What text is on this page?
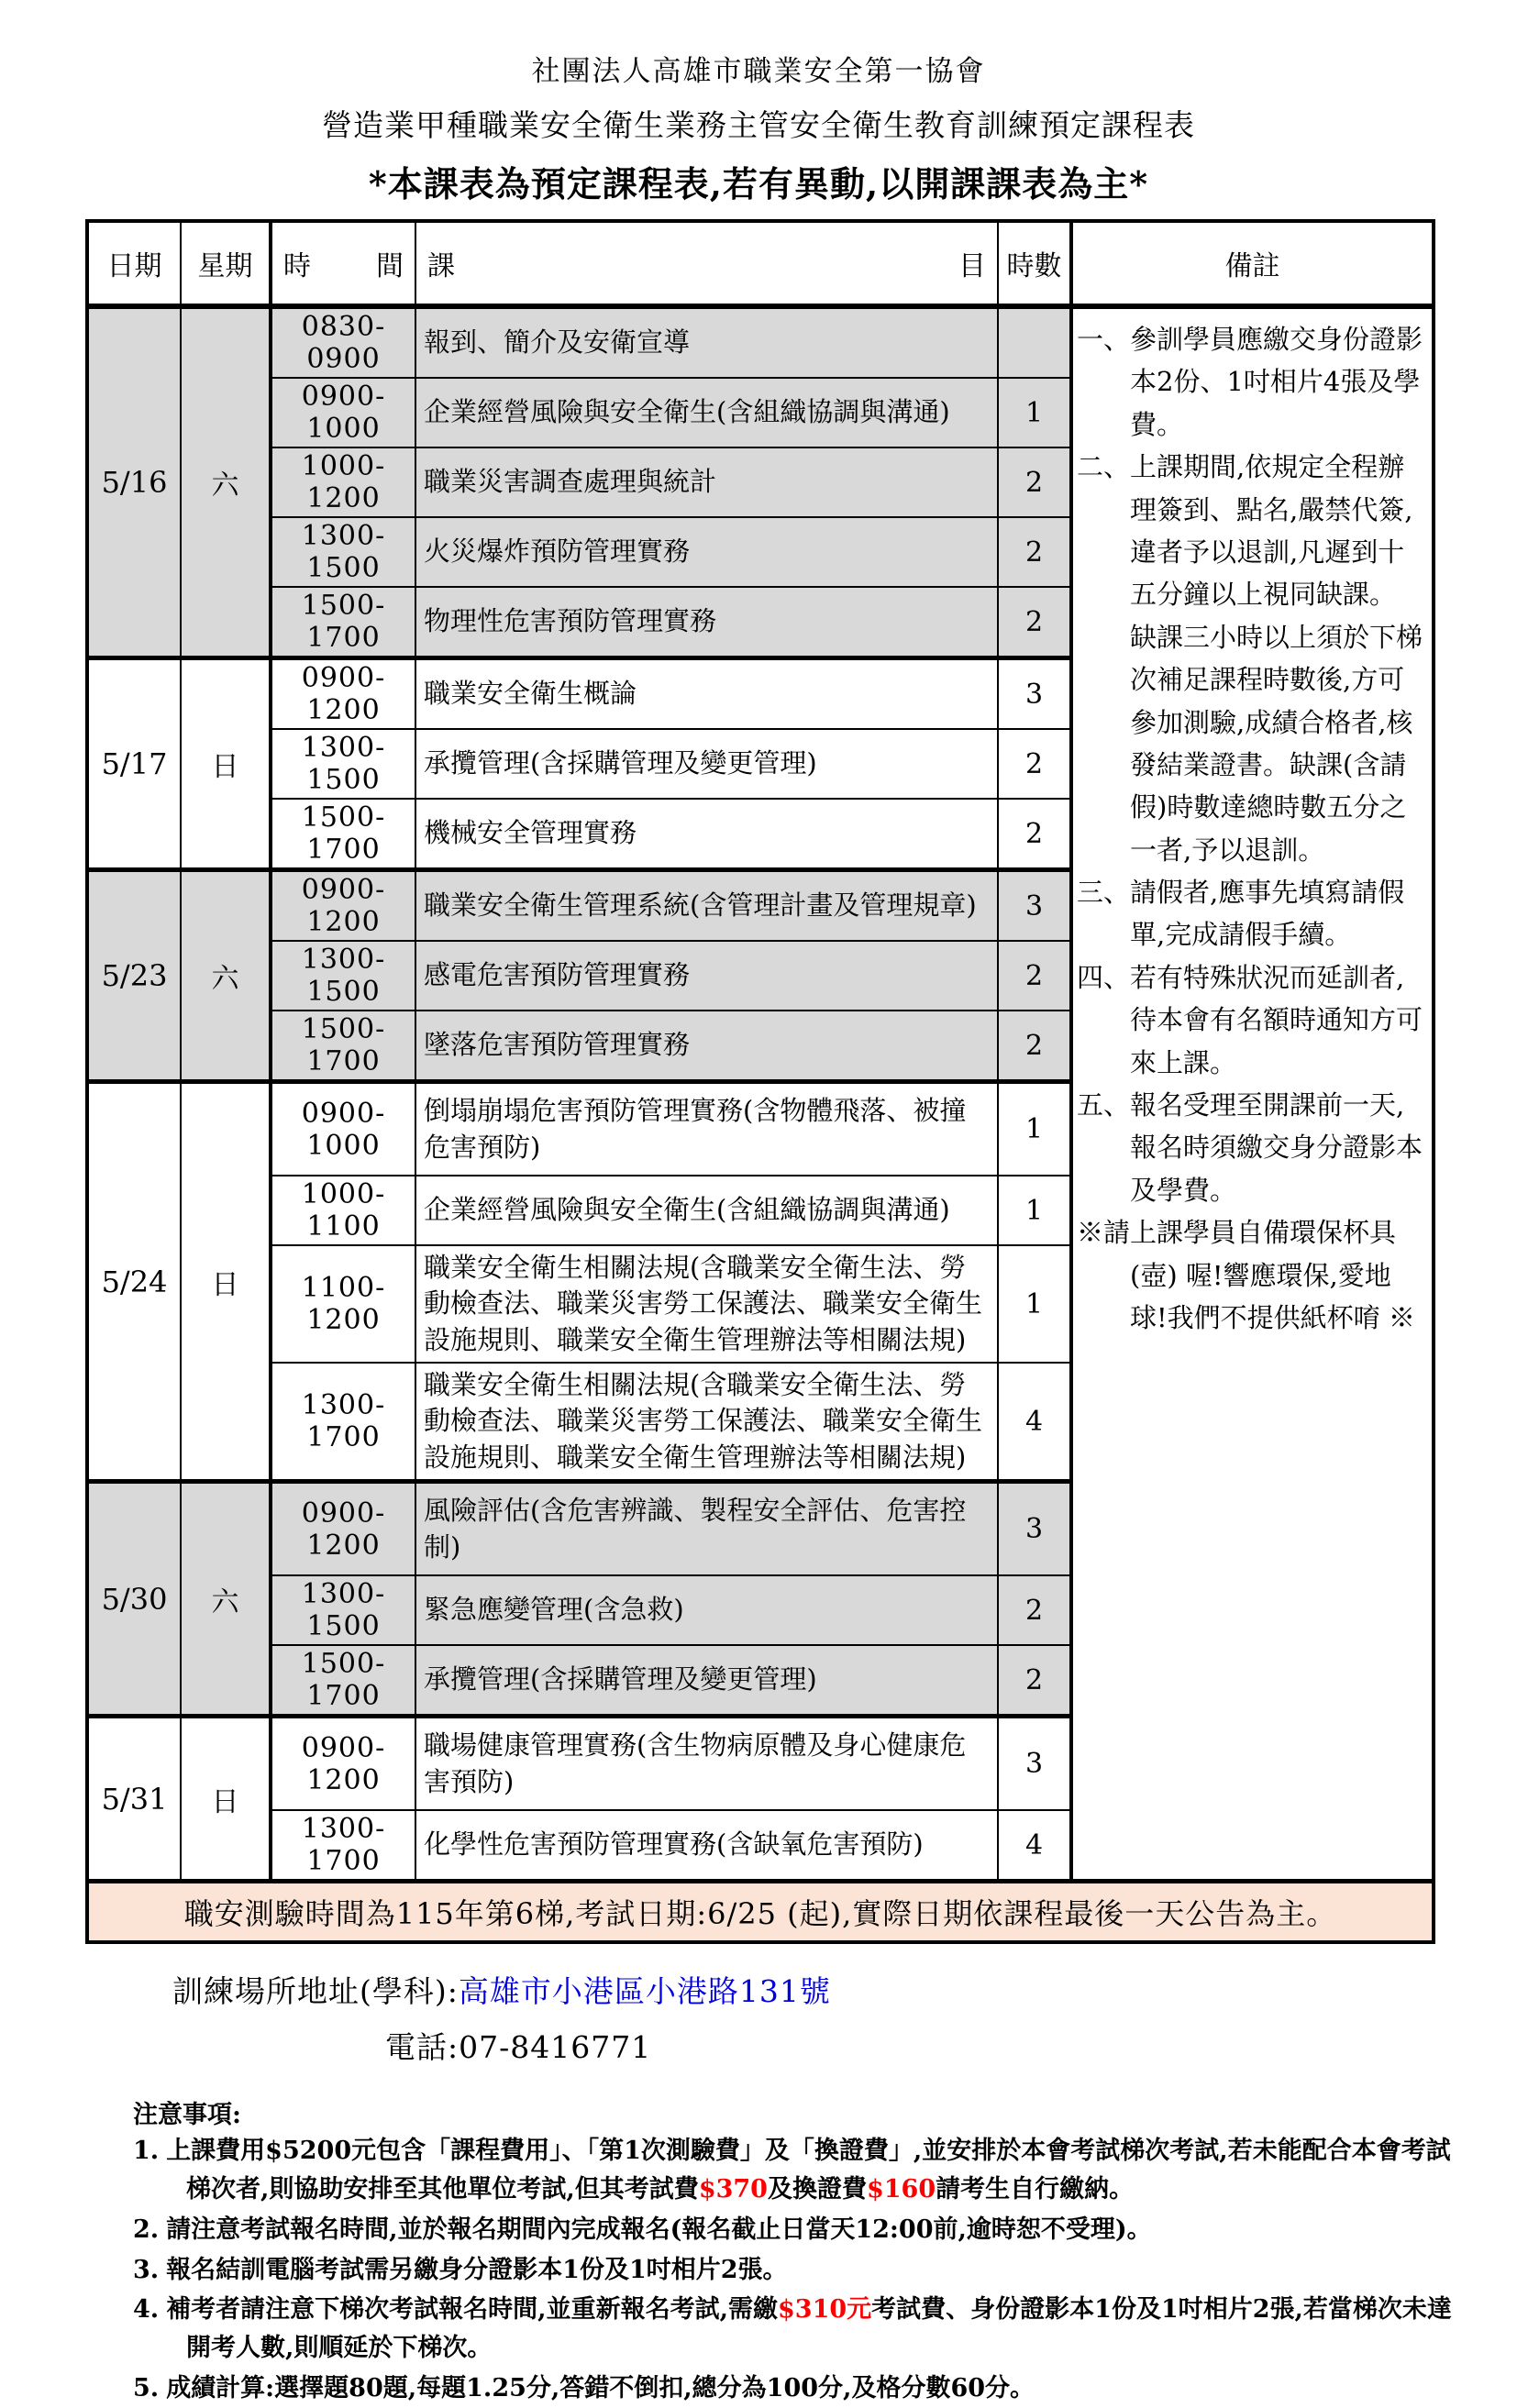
社團法人高雄市職業安全第一協會
營造業甲種職業安全衛生業務主管安全衛生教育訓練預定課程表
*本課表為預定課程表,若有異動,以開課課表為主*
日期	星期	時間	課目	時數	備註
5/16	六	0830-0900	報到、簡介及安衛宣導		一、參訓學員應繳交身份證影本2份、1吋相片4張及學費。
二、上課期間,依規定全程辦理簽到、點名,嚴禁代簽,違者予以退訓,凡遲到十五分鐘以上視同缺課。 缺課三小時以上須於下梯次補足課程時數後,方可參加測驗,成績合格者,核發結業證書。缺課(含請假)時數達總時數五分之一者,予以退訓。
三、請假者,應事先填寫請假單,完成請假手續。
四、若有特殊狀況而延訓者,待本會有名額時通知方可來上課。
五、報名受理至開課前一天,報名時須繳交身分證影本及學費。
※請上課學員自備環保杯具(壺) 喔!響應環保,愛地球!我們不提供紙杯唷 ※

		0900-1000	企業經營風險與安全衛生(含組織協調與溝通)	1	
		1000-1200	職業災害調查處理與統計	2	
		1300-1500	火災爆炸預防管理實務	2	
		1500-1700	物理性危害預防管理實務	2	
5/17	日	0900-1200	職業安全衛生概論	3	
		1300-1500	承攬管理(含採購管理及變更管理)	2	
		1500-1700	機械安全管理實務	2	
5/23	六	0900-1200	職業安全衛生管理系統(含管理計畫及管理規章)	3	
		1300-1500	感電危害預防管理實務	2	
		1500-1700	墜落危害預防管理實務	2	
5/24	日	0900-1000	倒塌崩塌危害預防管理實務(含物體飛落、被撞危害預防)	1	
		1000-1100	企業經營風險與安全衛生(含組織協調與溝通)	1	
		1100-1200	職業安全衛生相關法規(含職業安全衛生法、勞動檢查法、職業災害勞工保護法、職業安全衛生設施規則、職業安全衛生管理辦法等相關法規)	1	
		1300-1700	職業安全衛生相關法規(含職業安全衛生法、勞動檢查法、職業災害勞工保護法、職業安全衛生設施規則、職業安全衛生管理辦法等相關法規)	4	
5/30	六	0900-1200	風險評估(含危害辨識、製程安全評估、危害控制)	3	
		1300-1500	緊急應變管理(含急救)	2	
		1500-1700	承攬管理(含採購管理及變更管理)	2	
5/31	日	0900-1200	職場健康管理實務(含生物病原體及身心健康危害預防)	3	
		1300-1700	化學性危害預防管理實務(含缺氧危害預防)	4	
職安測驗時間為115年第6梯,考試日期:6/25 (起),實際日期依課程最後一天公告為主。					
訓練場所地址(學科):高雄市小港區小港路131號
電話:07-8416771
注意事項:
1. 上課費用$5200元包含「課程費用」、「第1次測驗費」及「換證費」,並安排於本會考試梯次考試,若未能配合本會考試梯次者,則協助安排至其他單位考試,但其考試費$370及換證費$160請考生自行繳納。
2. 請注意考試報名時間,並於報名期間內完成報名(報名截止日當天12:00前,逾時恕不受理)。
3. 報名結訓電腦考試需另繳身分證影本1份及1吋相片2張。
4. 補考者請注意下梯次考試報名時間,並重新報名考試,需繳$310元考試費、身份證影本1份及1吋相片2張,若當梯次未達開考人數,則順延於下梯次。
5. 成績計算:選擇題80題,每題1.25分,答錯不倒扣,總分為100分,及格分數60分。
